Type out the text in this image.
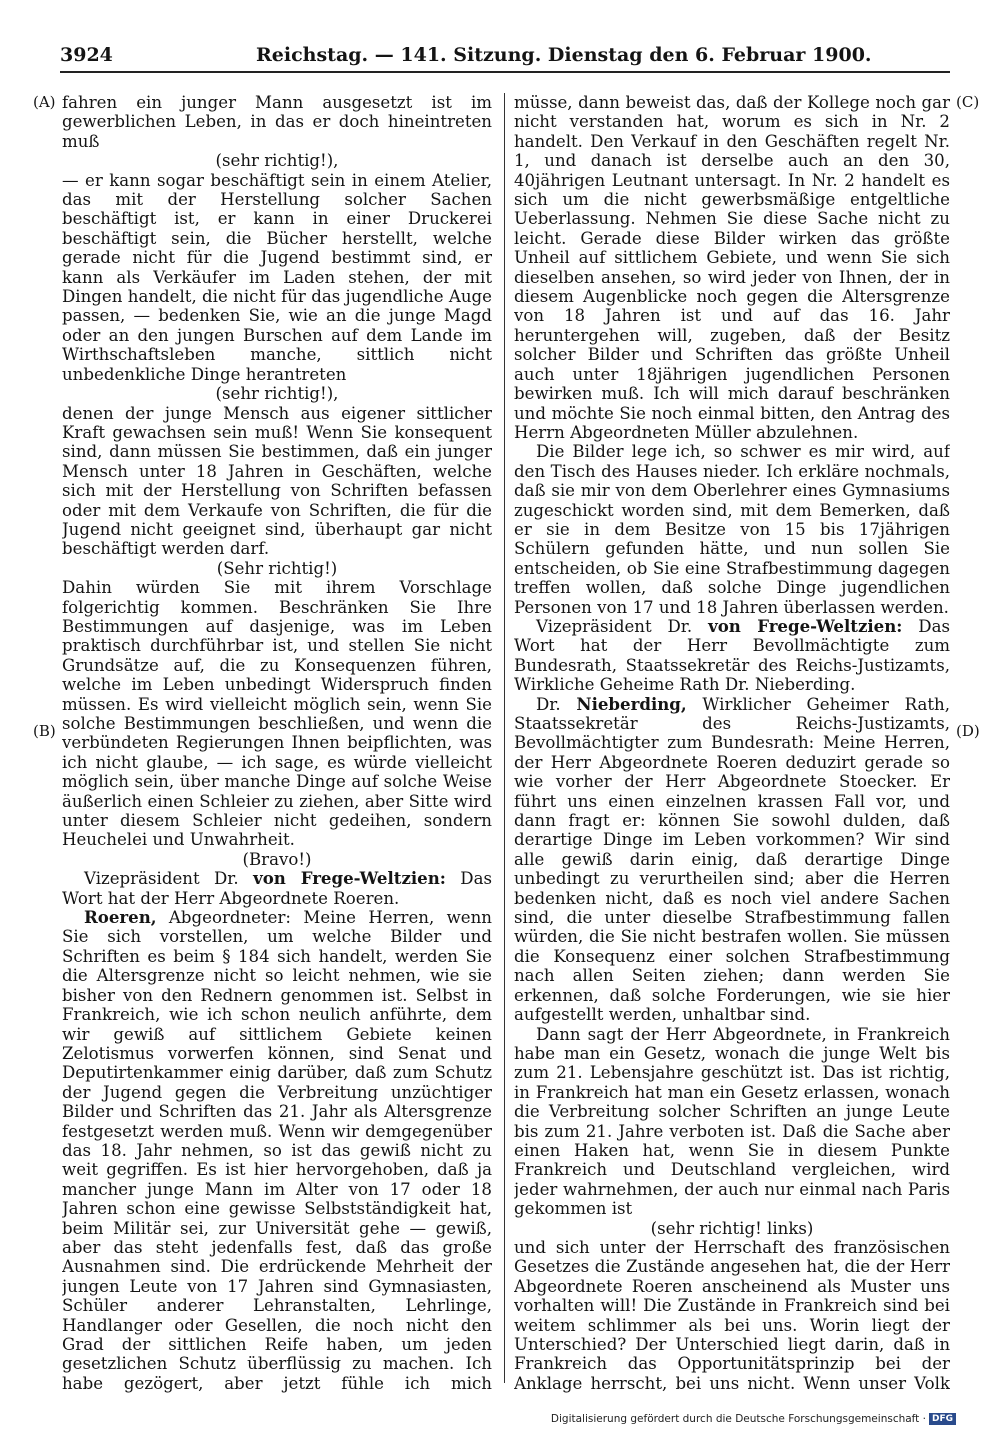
3924	Reichstag. — 141. Sitzung. Dienstag den 6. Februar 1900.
(A)
(B)
(C)
(D)

fahren ein junger Mann ausgesetzt ist im gewerblichen Leben, in das er doch hineintreten muß

(sehr richtig!),

— er kann sogar beschäftigt sein in einem Atelier, das mit der Herstellung solcher Sachen beschäftigt ist, er kann in einer Druckerei beschäftigt sein, die Bücher herstellt, welche gerade nicht für die Jugend bestimmt sind, er kann als Verkäufer im Laden stehen, der mit Dingen handelt, die nicht für das jugendliche Auge passen, — bedenken Sie, wie an die junge Magd oder an den jungen Burschen auf dem Lande im Wirthschaftsleben manche, sittlich nicht unbedenkliche Dinge herantreten

(sehr richtig!),

denen der junge Mensch aus eigener sittlicher Kraft gewachsen sein muß! Wenn Sie konsequent sind, dann müssen Sie bestimmen, daß ein junger Mensch unter 18 Jahren in Geschäften, welche sich mit der Herstellung von Schriften befassen oder mit dem Verkaufe von Schriften, die für die Jugend nicht geeignet sind, überhaupt gar nicht beschäftigt werden darf.

(Sehr richtig!)

Dahin würden Sie mit ihrem Vorschlage folgerichtig kommen. Beschränken Sie Ihre Bestimmungen auf dasjenige, was im Leben praktisch durchführbar ist, und stellen Sie nicht Grundsätze auf, die zu Konsequenzen führen, welche im Leben unbedingt Widerspruch finden müssen. Es wird vielleicht möglich sein, wenn Sie solche Bestimmungen beschließen, und wenn die verbündeten Regierungen Ihnen beipflichten, was ich nicht glaube, — ich sage, es würde vielleicht möglich sein, über manche Dinge auf solche Weise äußerlich einen Schleier zu ziehen, aber Sitte wird unter diesem Schleier nicht gedeihen, sondern Heuchelei und Unwahrheit.

(Bravo!)

Vizepräsident Dr. von Frege-Weltzien: Das Wort hat der Herr Abgeordnete Roeren.

Roeren, Abgeordneter: Meine Herren, wenn Sie sich vorstellen, um welche Bilder und Schriften es beim § 184 sich handelt, werden Sie die Altersgrenze nicht so leicht nehmen, wie sie bisher von den Rednern genommen ist. Selbst in Frankreich, wie ich schon neulich anführte, dem wir gewiß auf sittlichem Gebiete keinen Zelotismus vorwerfen können, sind Senat und Deputirtenkammer einig darüber, daß zum Schutz der Jugend gegen die Verbreitung unzüchtiger Bilder und Schriften das 21. Jahr als Altersgrenze festgesetzt werden muß. Wenn wir demgegenüber das 18. Jahr nehmen, so ist das gewiß nicht zu weit gegriffen. Es ist hier hervorgehoben, daß ja mancher junge Mann im Alter von 17 oder 18 Jahren schon eine gewisse Selbstständigkeit hat, beim Militär sei, zur Universität gehe — gewiß, aber das steht jedenfalls fest, daß das große Ausnahmen sind. Die erdrückende Mehrheit der jungen Leute von 17 Jahren sind Gymnasiasten, Schüler anderer Lehranstalten, Lehrlinge, Handlanger oder Gesellen, die noch nicht den Grad der sittlichen Reife haben, um jeden gesetzlichen Schutz überflüssig zu machen. Ich habe gezögert, aber jetzt fühle ich mich

müsse, dann beweist das, daß der Kollege noch gar nicht verstanden hat, worum es sich in Nr. 2 handelt. Den Verkauf in den Geschäften regelt Nr. 1, und danach ist derselbe auch an den 30, 40jährigen Leutnant untersagt. In Nr. 2 handelt es sich um die nicht gewerbsmäßige entgeltliche Ueberlassung. Nehmen Sie diese Sache nicht zu leicht. Gerade diese Bilder wirken das größte Unheil auf sittlichem Gebiete, und wenn Sie sich dieselben ansehen, so wird jeder von Ihnen, der in diesem Augenblicke noch gegen die Altersgrenze von 18 Jahren ist und auf das 16. Jahr heruntergehen will, zugeben, daß der Besitz solcher Bilder und Schriften das größte Unheil auch unter 18jährigen jugendlichen Personen bewirken muß. Ich will mich darauf beschränken und möchte Sie noch einmal bitten, den Antrag des Herrn Abgeordneten Müller abzulehnen.

Die Bilder lege ich, so schwer es mir wird, auf den Tisch des Hauses nieder. Ich erkläre nochmals, daß sie mir von dem Oberlehrer eines Gymnasiums zugeschickt worden sind, mit dem Bemerken, daß er sie in dem Besitze von 15 bis 17jährigen Schülern gefunden hätte, und nun sollen Sie entscheiden, ob Sie eine Strafbestimmung dagegen treffen wollen, daß solche Dinge jugendlichen Personen von 17 und 18 Jahren überlassen werden.

Vizepräsident Dr. von Frege-Weltzien: Das Wort hat der Herr Bevollmächtigte zum Bundesrath, Staatssekretär des Reichs-Justizamts, Wirkliche Geheime Rath Dr. Nieberding.

Dr. Nieberding, Wirklicher Geheimer Rath, Staatssekretär des Reichs-Justizamts, Bevollmächtigter zum Bundesrath: Meine Herren, der Herr Abgeordnete Roeren deduzirt gerade so wie vorher der Herr Abgeordnete Stoecker. Er führt uns einen einzelnen krassen Fall vor, und dann fragt er: können Sie sowohl dulden, daß derartige Dinge im Leben vorkommen? Wir sind alle gewiß darin einig, daß derartige Dinge unbedingt zu verurtheilen sind; aber die Herren bedenken nicht, daß es noch viel andere Sachen sind, die unter dieselbe Strafbestimmung fallen würden, die Sie nicht bestrafen wollen. Sie müssen die Konsequenz einer solchen Strafbestimmung nach allen Seiten ziehen; dann werden Sie erkennen, daß solche Forderungen, wie sie hier aufgestellt werden, unhaltbar sind.

Dann sagt der Herr Abgeordnete, in Frankreich habe man ein Gesetz, wonach die junge Welt bis zum 21. Lebensjahre geschützt ist. Das ist richtig, in Frankreich hat man ein Gesetz erlassen, wonach die Verbreitung solcher Schriften an junge Leute bis zum 21. Jahre verboten ist. Daß die Sache aber einen Haken hat, wenn Sie in diesem Punkte Frankreich und Deutschland vergleichen, wird jeder wahrnehmen, der auch nur einmal nach Paris gekommen ist

(sehr richtig! links)

und sich unter der Herrschaft des französischen Gesetzes die Zustände angesehen hat, die der Herr Abgeordnete Roeren anscheinend als Muster uns vorhalten will! Die Zustände in Frankreich sind bei weitem schlimmer als bei uns. Worin liegt der Unterschied? Der Unterschied liegt darin, daß in Frankreich das Opportunitätsprinzip bei der Anklage herrscht, bei uns nicht. Wenn unser Volk

Digitalisierung gefördert durch die Deutsche Forschungsgemeinschaft · DFG
